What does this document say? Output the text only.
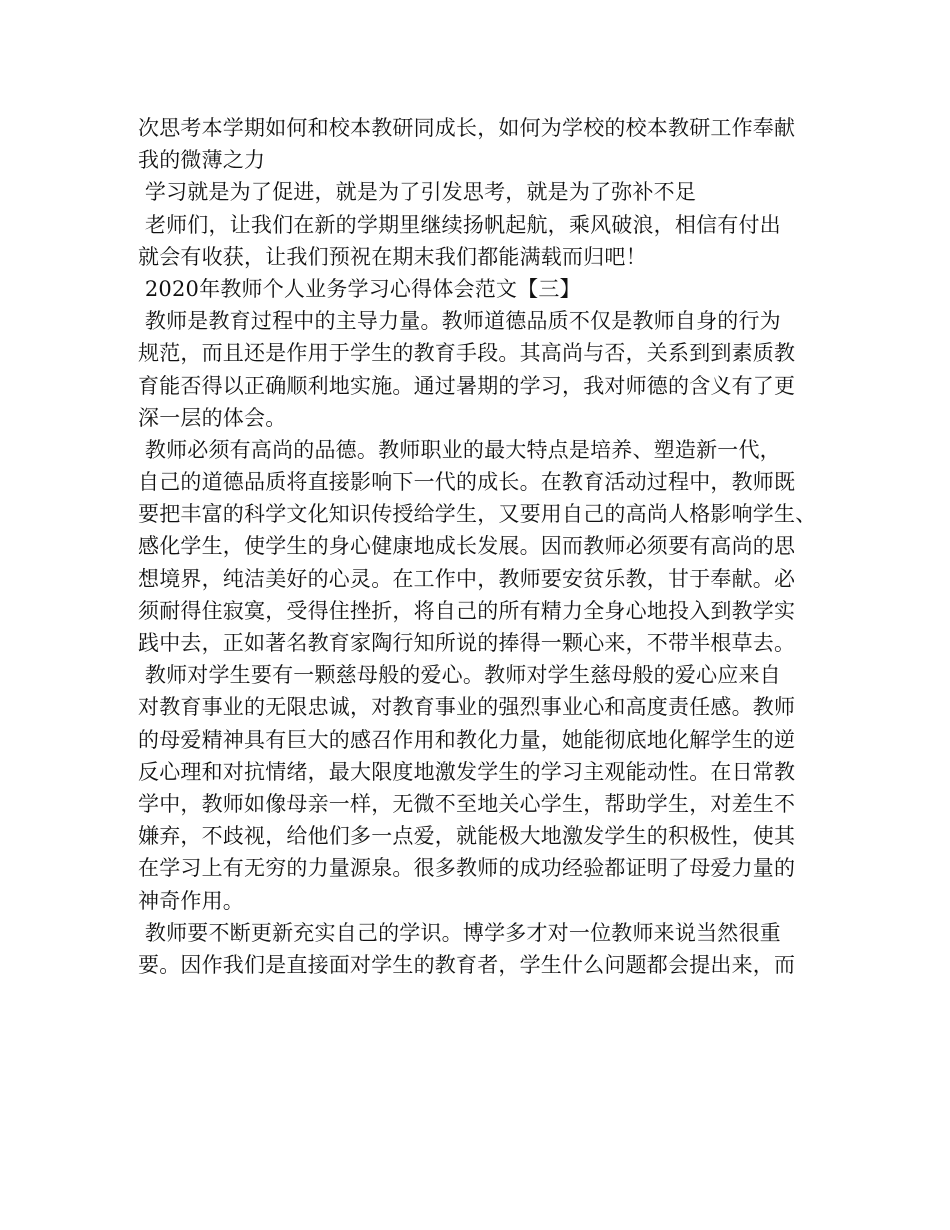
次思考本学期如何和校本教研同成长，如何为学校的校本教研工作奉献
我的微薄之力
学习就是为了促进，就是为了引发思考，就是为了弥补不足
老师们，让我们在新的学期里继续扬帆起航，乘风破浪，相信有付出
就会有收获，让我们预祝在期末我们都能满载而归吧！
2020年教师个人业务学习心得体会范文【三】
教师是教育过程中的主导力量。教师道德品质不仅是教师自身的行为
规范，而且还是作用于学生的教育手段。其高尚与否，关系到到素质教
育能否得以正确顺利地实施。通过暑期的学习，我对师德的含义有了更
深一层的体会。
教师必须有高尚的品德。教师职业的最大特点是培养、塑造新一代，
自己的道德品质将直接影响下一代的成长。在教育活动过程中，教师既
要把丰富的科学文化知识传授给学生，又要用自己的高尚人格影响学生、
感化学生，使学生的身心健康地成长发展。因而教师必须要有高尚的思
想境界，纯洁美好的心灵。在工作中，教师要安贫乐教，甘于奉献。必
须耐得住寂寞，受得住挫折，将自己的所有精力全身心地投入到教学实
践中去，正如著名教育家陶行知所说的捧得一颗心来，不带半根草去。
教师对学生要有一颗慈母般的爱心。教师对学生慈母般的爱心应来自
对教育事业的无限忠诚，对教育事业的强烈事业心和高度责任感。教师
的母爱精神具有巨大的感召作用和教化力量，她能彻底地化解学生的逆
反心理和对抗情绪，最大限度地激发学生的学习主观能动性。在日常教
学中，教师如像母亲一样，无微不至地关心学生，帮助学生，对差生不
嫌弃，不歧视，给他们多一点爱，就能极大地激发学生的积极性，使其
在学习上有无穷的力量源泉。很多教师的成功经验都证明了母爱力量的
神奇作用。
教师要不断更新充实自己的学识。博学多才对一位教师来说当然很重
要。因作我们是直接面对学生的教育者，学生什么问题都会提出来，而
